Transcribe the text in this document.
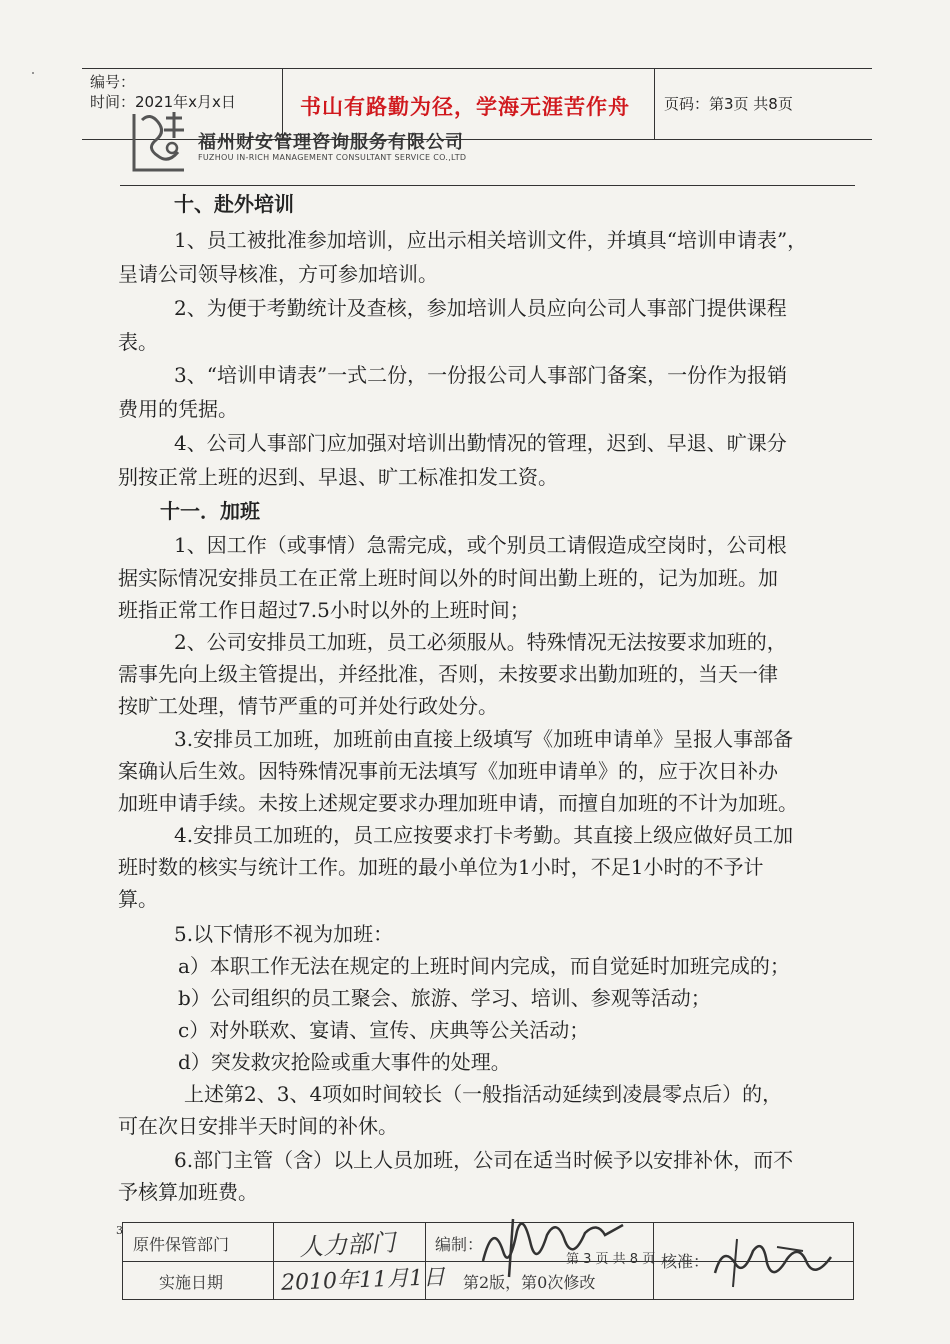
编号：
时间：2021年x月x日	书山有路勤为径，学海无涯苦作舟 页码：第3页 共8页
福州财安管理咨询服务有限公司
FUZHOU IN-RICH MANAGEMENT CONSULTANT SERVICE CO.,LTD
十、赴外培训
1、员工被批准参加培训，应出示相关培训文件，并填具“培训申请表”，
呈请公司领导核准，方可参加培训。
2、为便于考勤统计及查核，参加培训人员应向公司人事部门提供课程
表。
3、“培训申请表”一式二份，一份报公司人事部门备案，一份作为报销
费用的凭据。
4、公司人事部门应加强对培训出勤情况的管理，迟到、早退、旷课分
别按正常上班的迟到、早退、旷工标准扣发工资。
十一．加班
1、因工作（或事情）急需完成，或个别员工请假造成空岗时，公司根
据实际情况安排员工在正常上班时间以外的时间出勤上班的，记为加班。加
班指正常工作日超过7.5小时以外的上班时间；
2、公司安排员工加班，员工必须服从。特殊情况无法按要求加班的，
需事先向上级主管提出，并经批准，否则，未按要求出勤加班的，当天一律
按旷工处理，情节严重的可并处行政处分。
3.安排员工加班，加班前由直接上级填写《加班申请单》呈报人事部备
案确认后生效。因特殊情况事前无法填写《加班申请单》的，应于次日补办
加班申请手续。未按上述规定要求办理加班申请，而擅自加班的不计为加班。
4.安排员工加班的，员工应按要求打卡考勤。其直接上级应做好员工加
班时数的核实与统计工作。加班的最小单位为1小时，不足1小时的不予计
算。
5.以下情形不视为加班：
a）本职工作无法在规定的上班时间内完成，而自觉延时加班完成的；
b）公司组织的员工聚会、旅游、学习、培训、参观等活动；
c）对外联欢、宴请、宣传、庆典等公关活动；
d）突发救灾抢险或重大事件的处理。
上述第2、3、4项如时间较长（一般指活动延续到凌晨零点后）的，
可在次日安排半天时间的补休。
6.部门主管（含）以上人员加班，公司在适当时候予以安排补休，而不
予核算加班费。
3
原件保管部门
实施日期
编制：
第2版，第0次修改
核准：
人力部门
2010年11月1日
第 3 页 共 8 页
